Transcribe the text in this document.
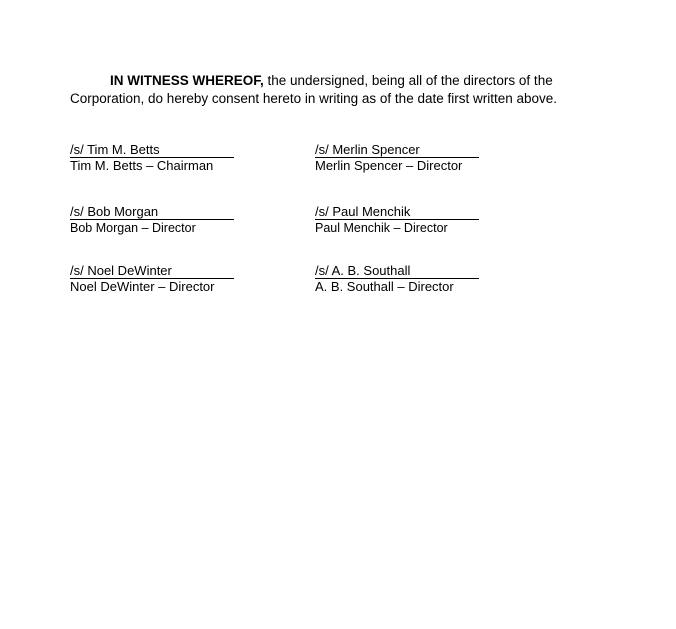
IN WITNESS WHEREOF, the undersigned, being all of the directors of the Corporation, do hereby consent hereto in writing as of the date first written above.
/s/ Tim M. Betts
Tim M. Betts – Chairman
/s/ Merlin Spencer
Merlin Spencer – Director
/s/ Bob Morgan
Bob Morgan – Director
/s/ Paul Menchik
Paul Menchik – Director
/s/ Noel DeWinter
Noel DeWinter – Director
/s/ A. B. Southall
A. B. Southall – Director
